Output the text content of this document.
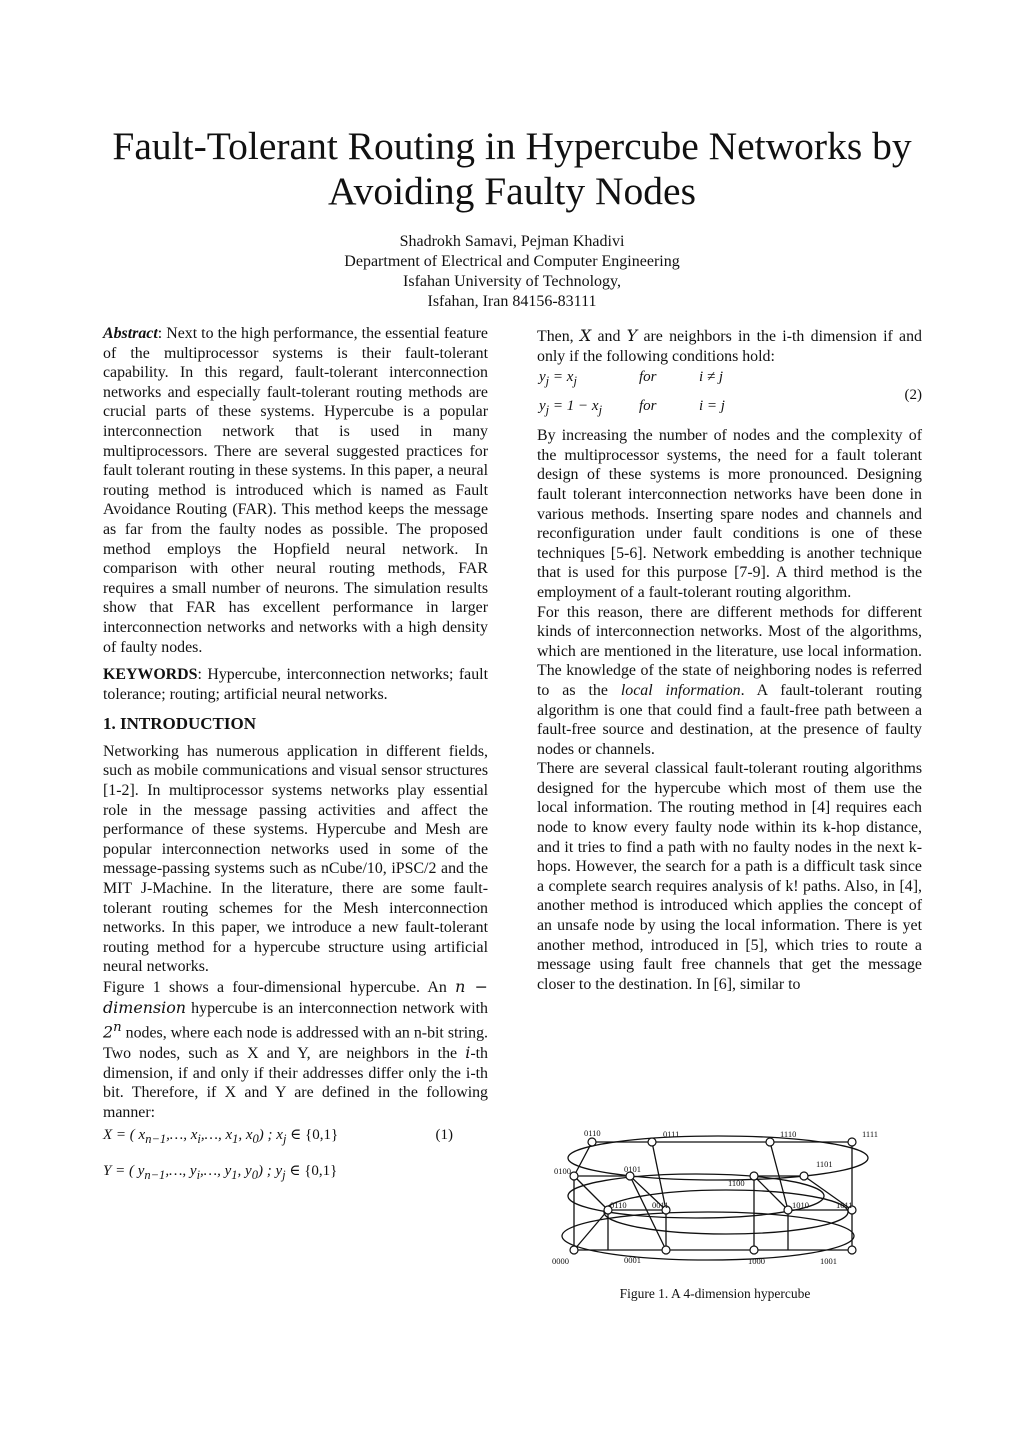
Fault-Tolerant Routing in Hypercube Networks by
Avoiding Faulty Nodes
Shadrokh Samavi, Pejman Khadivi
Department of Electrical and Computer Engineering
Isfahan University of Technology,
Isfahan, Iran 84156-83111

Abstract: Next to the high performance, the essential feature of the multiprocessor systems is their fault-tolerant capability. In this regard, fault-tolerant interconnection networks and especially fault-tolerant routing methods are crucial parts of these systems. Hypercube is a popular interconnection network that is used in many multiprocessors. There are several suggested practices for fault tolerant routing in these systems. In this paper, a neural routing method is introduced which is named as Fault Avoidance Routing (FAR). This method keeps the message as far from the faulty nodes as possible. The proposed method employs the Hopfield neural network. In comparison with other neural routing methods, FAR requires a small number of neurons. The simulation results show that FAR has excellent performance in larger interconnection networks and networks with a high density of faulty nodes.

KEYWORDS: Hypercube, interconnection networks; fault tolerance; routing; artificial neural networks.

1. INTRODUCTION

Networking has numerous application in different fields, such as mobile communications and visual sensor structures [1-2]. In multiprocessor systems networks play essential role in the message passing activities and affect the performance of these systems. Hypercube and Mesh are popular interconnection networks used in some of the message-passing systems such as nCube/10, iPSC/2 and the MIT J-Machine. In the literature, there are some fault-tolerant routing schemes for the Mesh interconnection networks. In this paper, we introduce a new fault-tolerant routing method for a hypercube structure using artificial neural networks.

Figure 1 shows a four-dimensional hypercube. An n − dimension hypercube is an interconnection network with 2$^n$ nodes, where each node is addressed with an n-bit string. Two nodes, such as X and Y, are neighbors in the i-th dimension, if and only if their addresses differ only the i-th bit. Therefore, if X and Y are defined in the following manner:

X = ( $x_{n-1},\dots$, $x_i,\dots$, $x_1$, $x_0$) ; $x_j$ ∈ {0,1}	(1)
Y = ( $y_{n-1},\dots$, $y_i,\dots$, $y_1$, $y_0$) ; $y_j$ ∈ {0,1}

Then, X and Y are neighbors in the i-th dimension if and only if the following conditions hold:

$y_j = x_j$	for	i ≠ j
$y_j = 1 - x_j$ for	i = j
(2)

By increasing the number of nodes and the complexity of the multiprocessor systems, the need for a fault tolerant design of these systems is more pronounced. Designing fault tolerant interconnection networks have been done in various methods. Inserting spare nodes and channels and reconfiguration under fault conditions is one of these techniques [5-6]. Network embedding is another technique that is used for this purpose [7-9]. A third method is the employment of a fault-tolerant routing algorithm.

For this reason, there are different methods for different kinds of interconnection networks. Most of the algorithms, which are mentioned in the literature, use local information. The knowledge of the state of neighboring nodes is referred to as the local information. A fault-tolerant routing algorithm is one that could find a fault-free path between a fault-free source and destination, at the presence of faulty nodes or channels.

There are several classical fault-tolerant routing algorithms designed for the hypercube which most of them use the local information. The routing method in [4] requires each node to know every faulty node within its k-hop distance, and it tries to find a path with no faulty nodes in the next k-hops. However, the search for a path is a difficult task since a complete search requires analysis of k! paths. Also, in [4], another method is introduced which applies the concept of an unsafe node by using the local information. There is yet another method, introduced in [5], which tries to route a message using fault free channels that get the message closer to the destination. In [6], similar to

0110	0111	1110	1111
0100	0101	1101
1100
0110	0011	1010	1011
0000	0001	1000	1001
Figure 1. A 4-dimension hypercube
